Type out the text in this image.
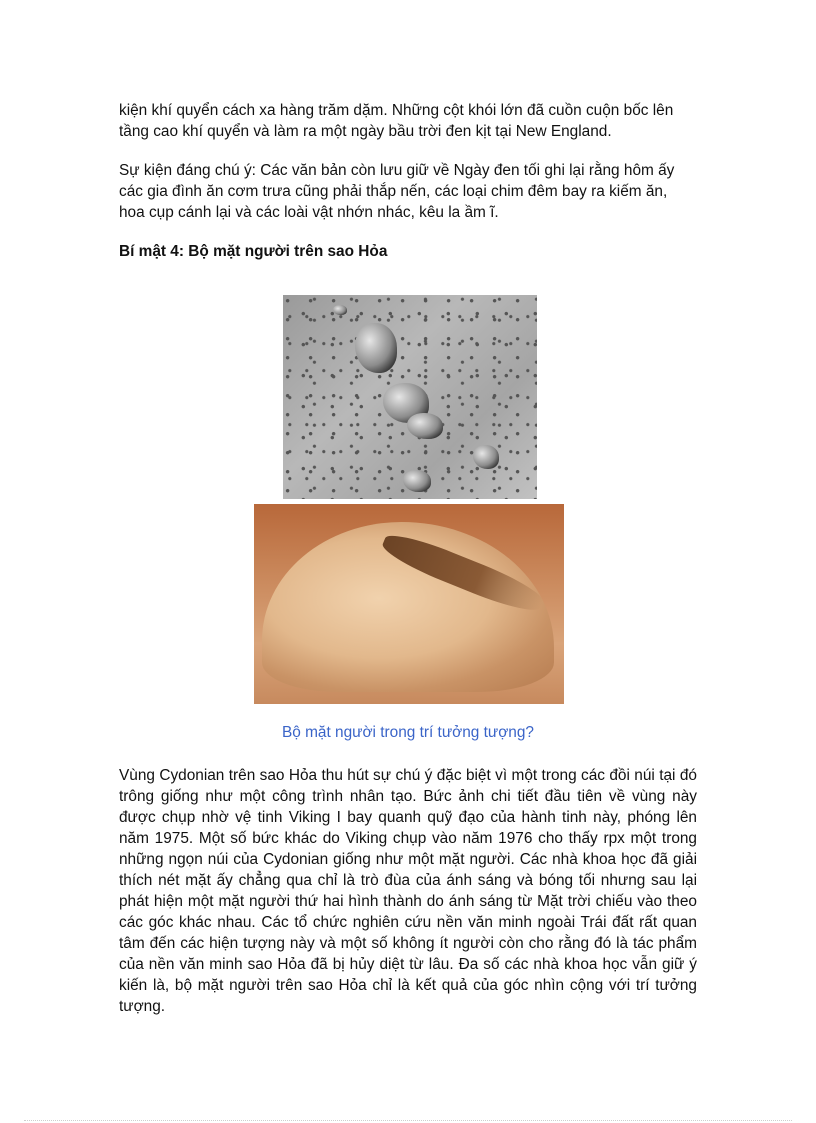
kiện khí quyển cách xa hàng trăm dặm. Những cột khói lớn đã cuồn cuộn bốc lên tầng cao khí quyển và làm ra một ngày bầu trời đen kịt tại New England.

Sự kiện đáng chú ý: Các văn bản còn lưu giữ về Ngày đen tối ghi lại rằng hôm ấy các gia đình ăn cơm trưa cũng phải thắp nến, các loại chim đêm bay ra kiếm ăn, hoa cụp cánh lại và các loài vật nhớn nhác, kêu la ầm ĩ.

Bí mật 4: Bộ mặt người trên sao Hỏa

Bộ mặt người trong trí tưởng tượng?

Vùng Cydonian trên sao Hỏa thu hút sự chú ý đặc biệt vì một trong các đồi núi tại đó trông giống như một công trình nhân tạo. Bức ảnh chi tiết đầu tiên về vùng này được chụp nhờ vệ tinh Viking I bay quanh quỹ đạo của hành tinh này, phóng lên năm 1975. Một số bức khác do Viking chụp vào năm 1976 cho thấy rpx một trong những ngọn núi của Cydonian giống như một mặt người. Các nhà khoa học đã giải thích nét mặt ấy chẳng qua chỉ là trò đùa của ánh sáng và bóng tối nhưng sau lại phát hiện một mặt người thứ hai hình thành do ánh sáng từ Mặt trời chiếu vào theo các góc khác nhau. Các tổ chức nghiên cứu nền văn minh ngoài Trái đất rất quan tâm đến các hiện tượng này và một số không ít người còn cho rằng đó là tác phẩm của nền văn minh sao Hỏa đã bị hủy diệt từ lâu. Đa số các nhà khoa học vẫn giữ ý kiến là, bộ mặt người trên sao Hỏa chỉ là kết quả của góc nhìn cộng với trí tưởng tượng.
